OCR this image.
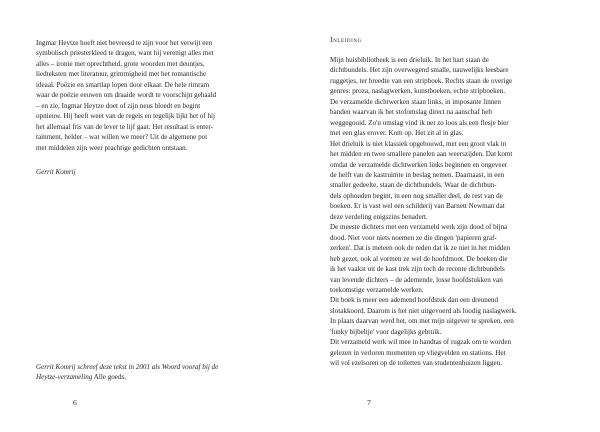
Ingmar Heytze hoeft niet bevreesd te zijn voor het verwijt een
symbolisch priesterkleed te dragen, want hij verenigt alles met
alles – ironie met oprechtheid, grote woorden met deuntjes,
liedteksten met literatuur, grimmigheid met het romantische
ideaal. Poëzie en smartlap lopen door elkaar. De hele rimram
waar de poëzie eeuwen om draaide wordt te voorschijn gehaald
– en zie, Ingmar Heytze doet of zijn neus bloedt en begint
opnieuw. Hij heeft weet van de regels en tegelijk lijkt het of hij
het allemaal fris van de lever te lijf gaat. Het resultaat is enter-
tainment, helder – wat willen we meer? Uit de algemene pot
met middelen zijn weer prachtige gedichten ontstaan.
Gerrit Komrij
Gerrit Komrij schreef deze tekst in 2001 als Woord vooraf bij de
Heytze-verzameling Alle goeds.
6
Inleiding
Mijn huisbibliotheek is een drieluik. In het hart staan de
dichtbundels. Het zijn overwegend smalle, nauwelijks leesbare
ruggetjes, ter breedte van een stripboek. Rechts staan de overige
genres: proza, naslagwerken, kunstboeken, echte stripboeken.
De verzamelde dichtwerken staan links, in imposante linnen
banden waarvan ik het stofomslag direct na aanschaf heb
weggegooid. Zo'n omslag vind ik net zo loos als een flesje bier
met een glas erover. Kom op. Het zit al in glas.
Het drieluik is niet klassiek opgebouwd, met een groot vlak in
het midden en twee smallere panelen aan weerszijden. Dat komt
omdat de verzamelde dichtwerken links beginnen en ongeveer
de helft van de kastruimte in beslag nemen. Daarnaast, in een
smaller gedeelte, staan de dichtbundels. Waar de dichtbun-
dels ophouden begint, in een nog smaller deel, de rest van de
boeken. Er is vast wel een schilderij van Barnett Newman dat
deze verdeling enigszins benadert.
De meeste dichters met een verzameld werk zijn dood of bijna
dood. Niet voor niets noemen ze die dingen 'papieren graf-
zerken'. Dat is meteen ook de reden dat ik ze niet in het midden
heb gezet, ook al vormen ze wel de hoofdmoot. De boeken die
ik het vaakst uit de kast trek zijn toch de recente dichtbundels
van levende dichters – de ademende, losse hoofdstukken van
toekomstige verzamelde werken.
Dit boek is meer een ademend hoofdstuk dan een dreunend
slotakkoord. Daarom is het niet uitgevoerd als loodig naslagwerk.
In plaats daarvan werd het, om met mijn uitgever te spreken, een
'funky bijbeltje' voor dagelijks gebruik.
Dit verzameld werk wil mee in handtas of rugzak om te worden
gelezen in verloren momenten op vliegvelden en stations. Het
wil vol ezelsoren op de toiletten van studentenhuizen liggen.
7
